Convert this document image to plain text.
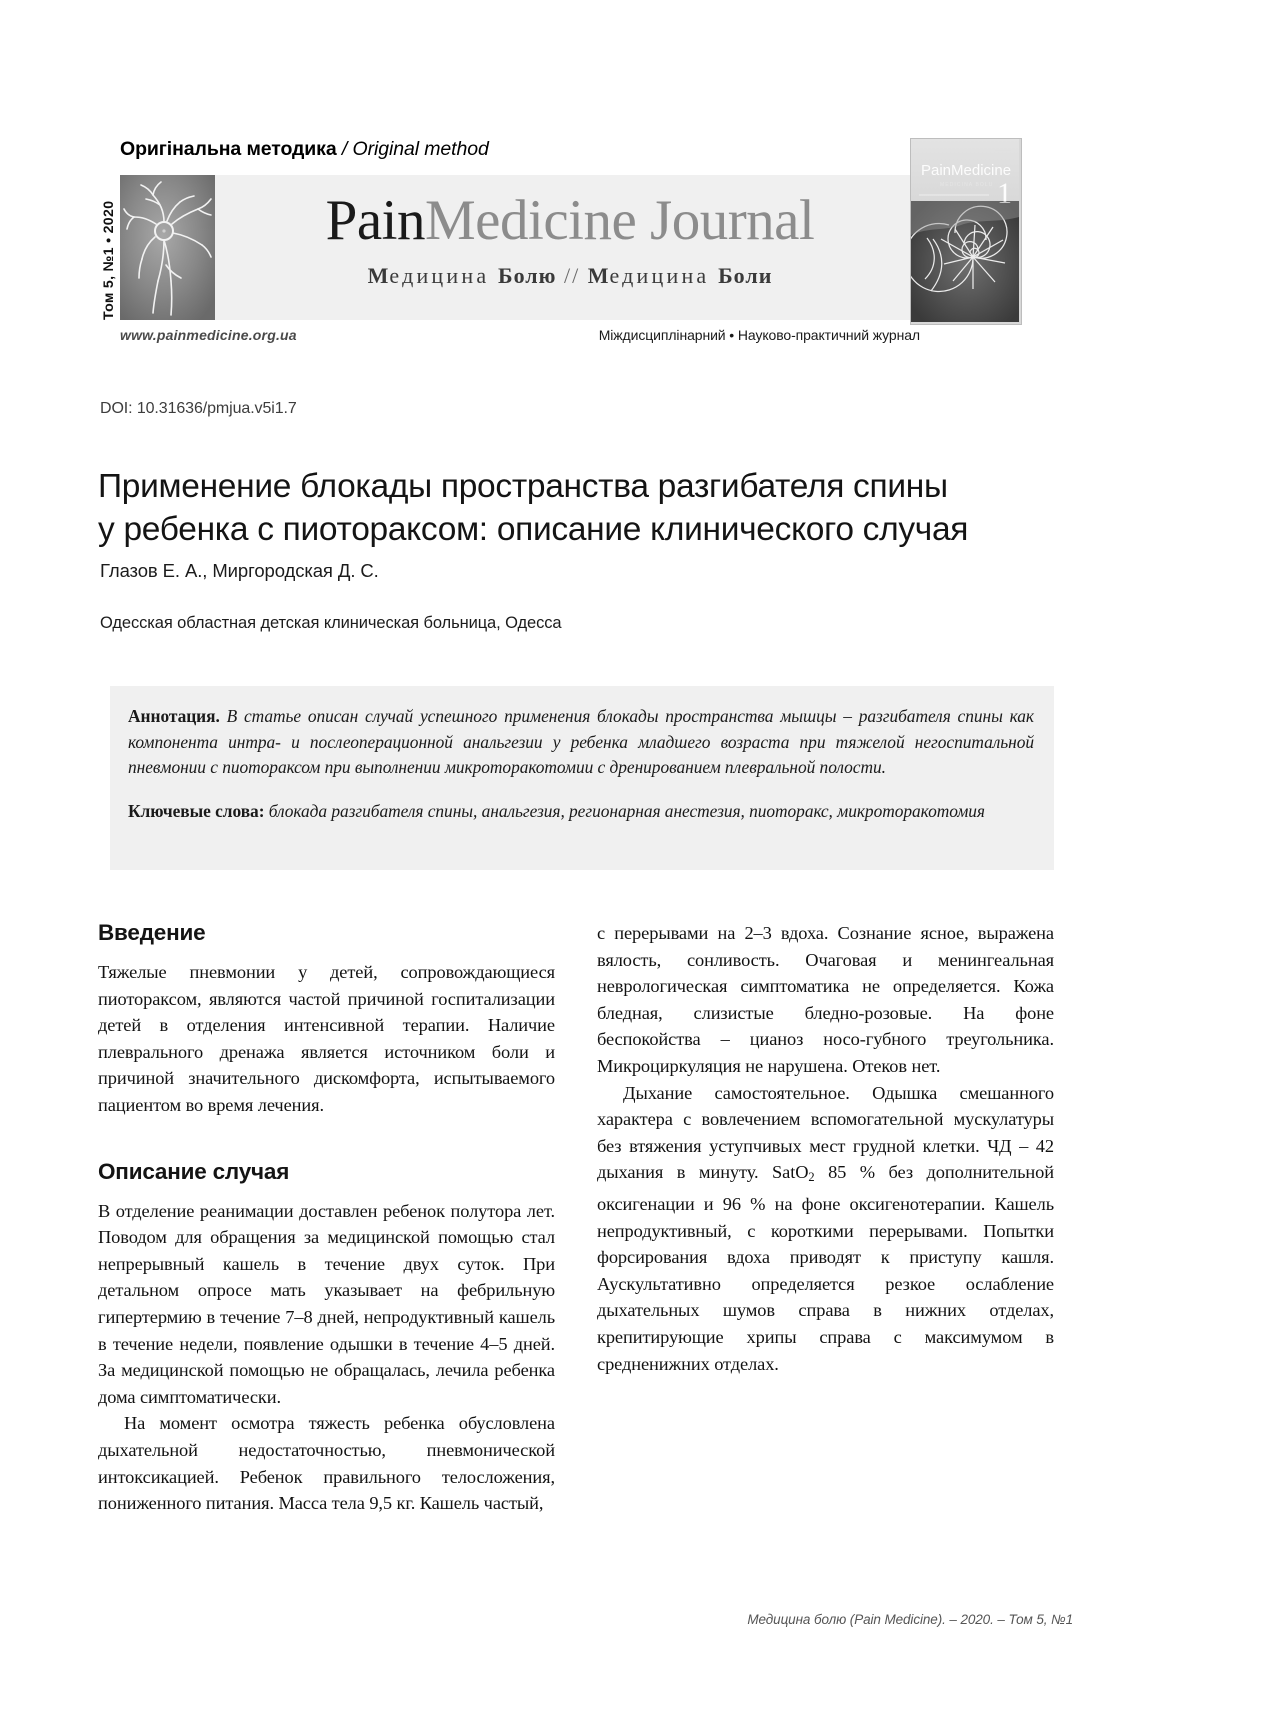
Оригінальна методика / Original method
Том 5, №1 • 2020	PainMedicine Journal
Медицина Болю // Медицина Боли
www.painmedicine.org.ua	Міждисциплінарний • Науково-практичний журнал
PainMedicine
MEDICINA BOLU 1
DOI: 10.31636/pmjua.v5i1.7
Применение блокады пространства разгибателя спины
у ребенка с пиотораксом: описание клинического случая
Глазов Е. А., Миргородская Д. С.
Одесская областная детская клиническая больница, Одесса

Аннотация. В статье описан случай успешного применения блокады пространства мышцы – разгибателя спины как компонента интра- и послеоперационной анальгезии у ребенка младшего возраста при тяжелой негоспитальной пневмонии с пиотораксом при выполнении микроторакотомии с дренированием плевральной полости.

Ключевые слова: блокада разгибателя спины, анальгезия, регионарная анестезия, пиоторакс, микроторакотомия

Введение

Тяжелые пневмонии у детей, сопровождающиеся пиотораксом, являются частой причиной госпитализации детей в отделения интенсивной терапии. Наличие плеврального дренажа является источником боли и причиной значительного дискомфорта, испытываемого пациентом во время лечения.

Описание случая

В отделение реанимации доставлен ребенок полутора лет. Поводом для обращения за медицинской помощью стал непрерывный кашель в течение двух суток. При детальном опросе мать указывает на фебрильную гипертермию в течение 7–8 дней, непродуктивный кашель в течение недели, появление одышки в течение 4–5 дней. За медицинской помощью не обращалась, лечила ребенка дома симптоматически.

На момент осмотра тяжесть ребенка обусловлена дыхательной недостаточностью, пневмонической интоксикацией. Ребенок правильного телосложения, пониженного питания. Масса тела 9,5 кг. Кашель частый,

с перерывами на 2–3 вдоха. Сознание ясное, выражена вялость, сонливость. Очаговая и менингеальная неврологическая симптоматика не определяется. Кожа бледная, слизистые бледно-розовые. На фоне беспокойства – цианоз носо-губного треугольника. Микроциркуляция не нарушена. Отеков нет.

Дыхание самостоятельное. Одышка смешанного характера с вовлечением вспомогательной мускулатуры без втяжения уступчивых мест грудной клетки. ЧД – 42 дыхания в минуту. SatO$_2$ 85 % без дополнительной оксигенации и 96 % на фоне оксигенотерапии. Кашель непродуктивный, с короткими перерывами. Попытки форсирования вдоха приводят к приступу кашля. Аускультативно определяется резкое ослабление дыхательных шумов справа в нижних отделах, крепитирующие хрипы справа с максимумом в средненижних отделах.

Медицина болю (Pain Medicine). – 2020. – Том 5, №1
